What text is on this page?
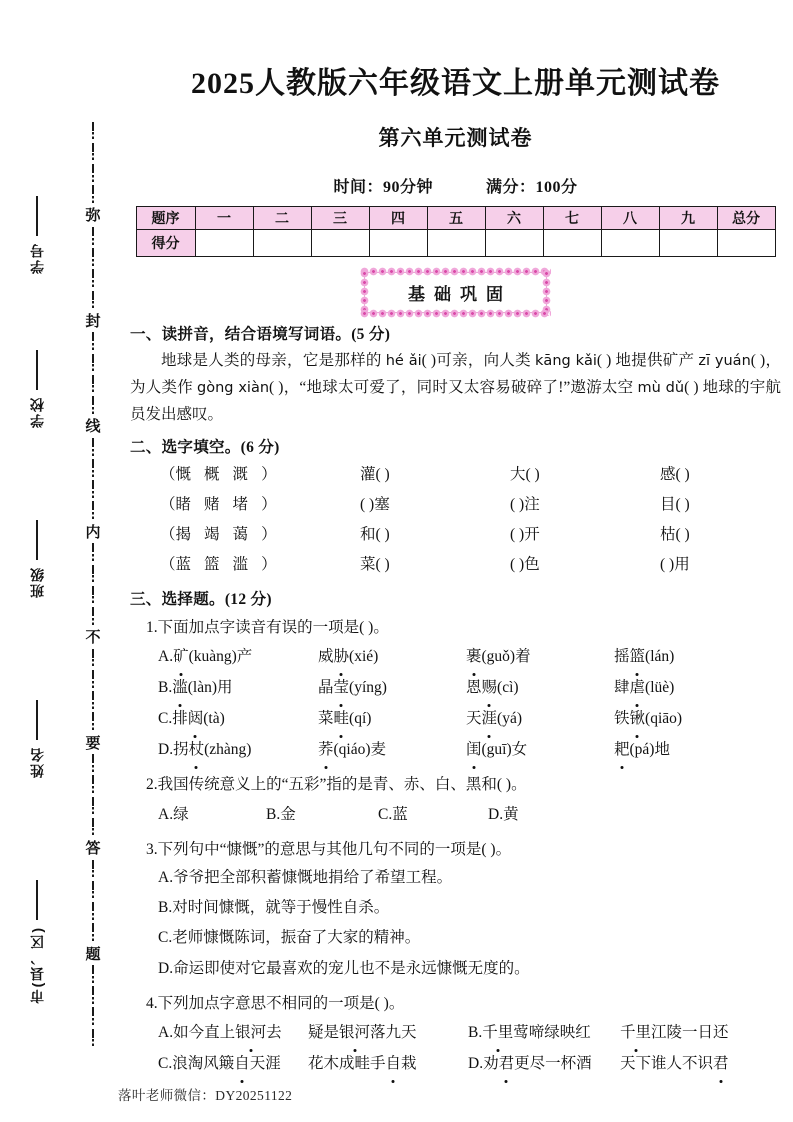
学号
学校
班级
姓名
市(县、区)
弥
封
线
内
不
要
答
题
2025人教版六年级语文上册单元测试卷
第六单元测试卷
时间：90分钟	满分：100分
题序	一	二	三	四	五	六	七	八	九	总分
得分										
基础巩固
一、读拼音，结合语境写词语。(5 分)

地球是人类的母亲，它是那样的 hé ǎi( )可亲，向人类 kāng kǎi( ) 地提供矿产 zī yuán( )，为人类作 gòng xiàn( )，“地球太可爱了，同时又太容易破碎了!”遨游太空 mù dǔ( ) 地球的宇航员发出感叹。

二、选字填空。(6 分)
（慨 概 溉 ）	灌( )	大( )	感( )
（睹 赌 堵 ）	( )塞	( )注	目( )
（揭 竭 蔼 ）	和( )	( )开	枯( )
（蓝 篮 滥 ）	菜( )	( )色	( )用
三、选择题。(12 分)
1.下面加点字读音有误的一项是( )。
A.矿(kuàng)产	威胁(xié)	裹(guǒ)着	摇篮(lán)
B.滥(làn)用	晶莹(yíng)	恩赐(cì)	肆虐(lüè)
C.排闼(tà)	菜畦(qí)	天涯(yá)	铁锹(qiāo)
D.拐杖(zhàng)	荞(qiáo)麦	闺(guī)女	耙(pá)地
2.我国传统意义上的“五彩”指的是青、赤、白、黑和( )。
A.绿	B.金	C.蓝	D.黄
3.下列句中“慷慨”的意思与其他几句不同的一项是( )。
A.爷爷把全部积蓄慷慨地捐给了希望工程。
B.对时间慷慨，就等于慢性自杀。
C.老师慷慨陈词，振奋了大家的精神。
D.命运即使对它最喜欢的宠儿也不是永远慷慨无度的。
4.下列加点字意思不相同的一项是( )。
A.如今直上银河去	疑是银河落九天	B.千里莺啼绿映红	千里江陵一日还
C.浪淘风簸自天涯	花木成畦手自栽	D.劝君更尽一杯酒	天下谁人不识君
落叶老师微信：DY20251122
